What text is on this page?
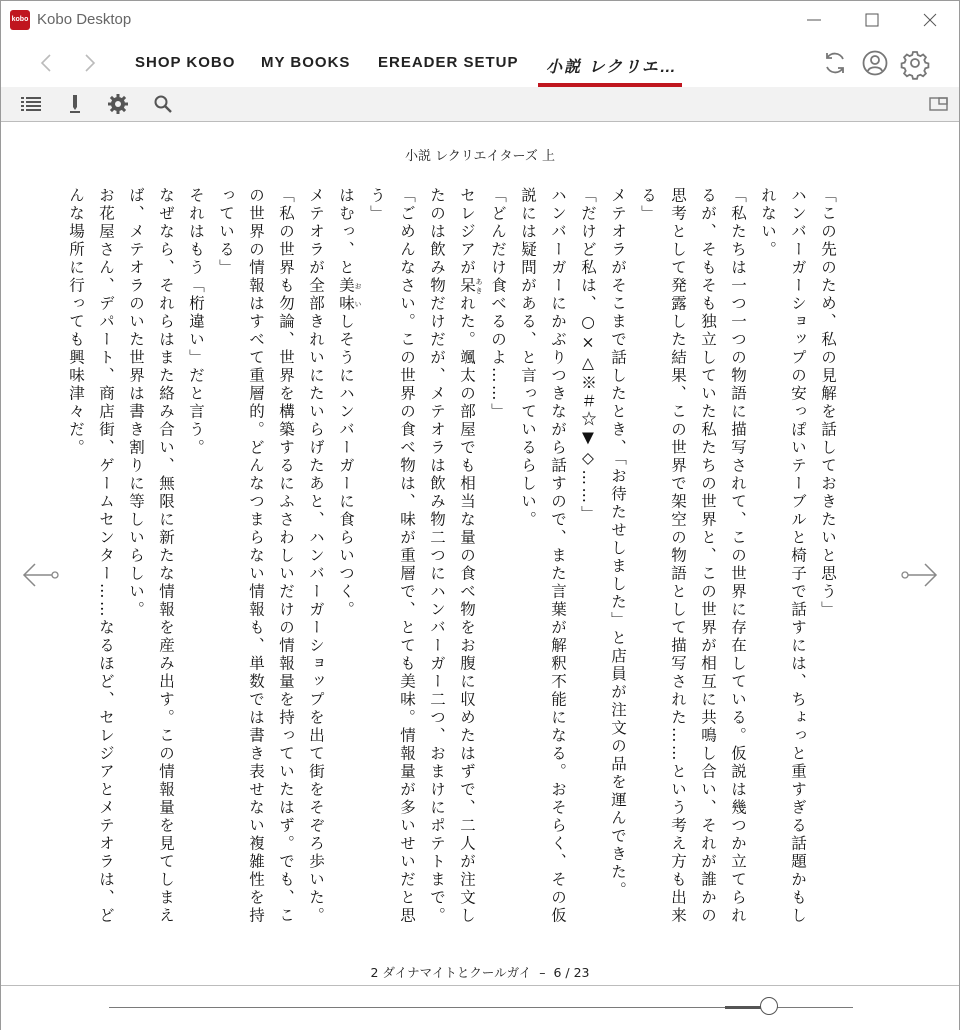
kobo Kobo Desktop
SHOP KOBO MY BOOKS EREADER SETUP 小説 レクリエ…
小説 レクリエイターズ 上

「この先のため、私の見解を話しておきたいと思う」

ハンバーガーショップの安っぽいテーブルと椅子で話すには、ちょっと重すぎる話題かもしれない。

「私たちは一つ一つの物語に描写されて、この世界に存在している。仮説は幾つか立てられるが、そもそも独立していた私たちの世界と、この世界が相互に共鳴し合い、それが誰かの思考として発露した結果、この世界で架空の物語として描写された……という考え方も出来る」

メテオラがそこまで話したとき、「お待たせしました」と店員が注文の品を運んできた。

「だけど私は、○×△※＃☆▼◇……」

ハンバーガーにかぶりつきながら話すので、また言葉が解釈不能になる。おそらく、その仮説には疑問がある、と言っているらしい。

「どんだけ食べるのよ……」

セレジアが呆 あきれた。颯太の部屋でも相当な量の食べ物をお腹に収めたはずで、二人が注文したのは飲み物だけだが、メテオラは飲み物二つにハンバーガー二つ、おまけにポテトまで。

「ごめんなさい。この世界の食べ物は、味が重層で、とても美味。情報量が多いせいだと思う」

はむっ、と美味 おいしそうにハンバーガーに食らいつく。

メテオラが全部きれいにたいらげたあと、ハンバーガーショップを出て街をそぞろ歩いた。

「私の世界も勿論、世界を構築するにふさわしいだけの情報量を持っていたはず。でも、この世界の情報はすべて重層的。どんなつまらない情報も、単数では書き表せない複雑性を持っている」

それはもう「桁違い」だと言う。

なぜなら、それらはまた絡み合い、無限に新たな情報を産み出す。この情報量を見てしまえば、メテオラのいた世界は書き割りに等しいらしい。

お花屋さん、デパート、商店街、ゲームセンター……なるほど、セレジアとメテオラは、どんな場所に行っても興味津々だ。

2 ダイナマイトとクールガイ – 6 / 23
